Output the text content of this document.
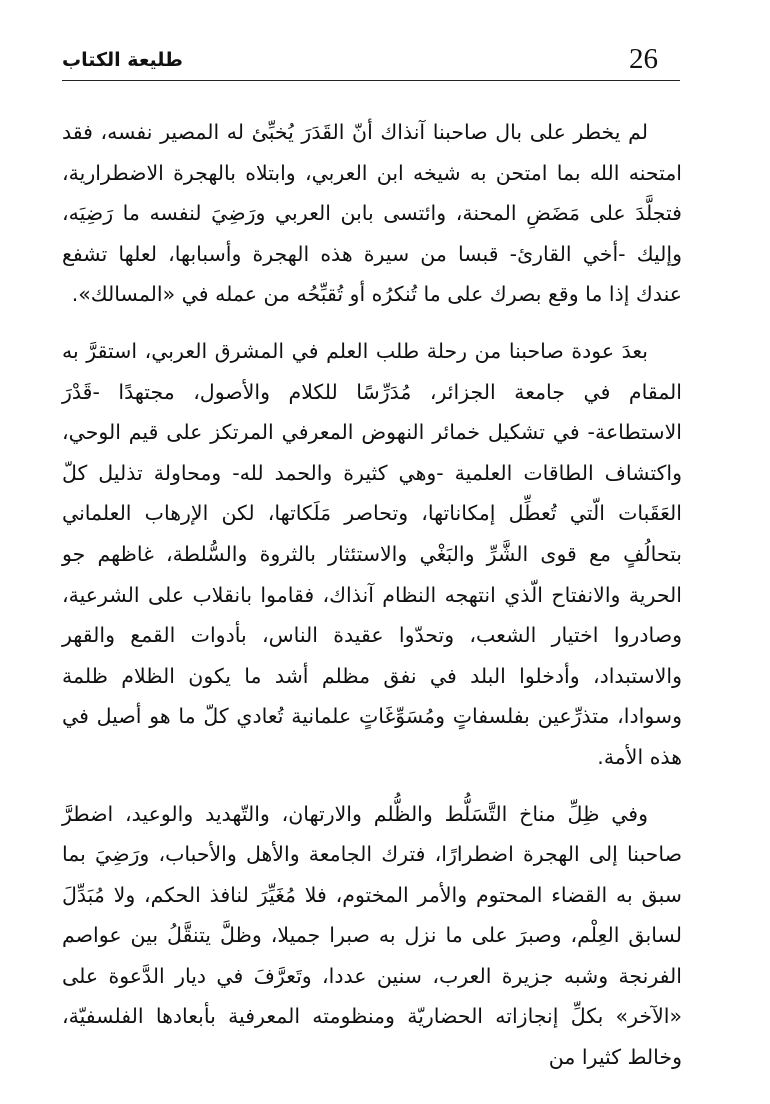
طليعة الكتاب	26

لم يخطر على بال صاحبنا آنذاك أنّ القَدَرَ يُخبِّئ له المصير نفسه، فقد امتحنه الله بما امتحن به شيخه ابن العربي، وابتلاه بالهجرة الاضطرارية، فتجلَّدَ على مَضَضِ المحنة، وائتسى بابن العربي ورَضِيَ لنفسه ما رَضِيَه، وإليك -أخي القارئ- قبسا من سيرة هذه الهجرة وأسبابها، لعلها تشفع عندك إذا ما وقع بصرك على ما تُنكرُه أو تُقبِّحُه من عمله في «المسالك».

بعدَ عودة صاحبنا من رحلة طلب العلم في المشرق العربي، استقرَّ به المقام في جامعة الجزائر، مُدَرِّسًا للكلام والأصول، مجتهدًا -قَدْرَ الاستطاعة- في تشكيل خمائر النهوض المعرفي المرتكز على قيم الوحي، واكتشاف الطاقات العلمية -وهي كثيرة والحمد لله- ومحاولة تذليل كلّ العَقَبات الّتي تُعطِّل إمكاناتها، وتحاصر مَلَكاتها، لكن الإرهاب العلماني بتحالُفٍ مع قوى الشَّرِّ والبَغْي والاستئثار بالثروة والسُّلطة، غاظهم جو الحرية والانفتاح الّذي انتهجه النظام آنذاك، فقاموا بانقلاب على الشرعية، وصادروا اختيار الشعب، وتحدّوا عقيدة الناس، بأدوات القمع والقهر والاستبداد، وأدخلوا البلد في نفق مظلم أشد ما يكون الظلام ظلمة وسوادا، متذرِّعين بفلسفاتٍ ومُسَوِّغَاتٍ علمانية تُعادي كلّ ما هو أصيل في هذه الأمة.

وفي ظِلِّ مناخ التَّسَلُّط والظُّلم والارتهان، والتّهديد والوعيد، اضطرَّ صاحبنا إلى الهجرة اضطرارًا، فترك الجامعة والأهل والأحباب، ورَضِيَ بما سبق به القضاء المحتوم والأمر المختوم، فلا مُغَيِّرَ لنافذ الحكم، ولا مُبَدِّلَ لسابق العِلْم، وصبرَ على ما نزل به صبرا جميلا، وظلَّ يتنقَّلُ بين عواصم الفرنجة وشبه جزيرة العرب، سنين عددا، وتَعرَّفَ في ديار الدَّعوة على «الآخر» بكلِّ إنجازاته الحضاريّة ومنظومته المعرفية بأبعادها الفلسفيّة، وخالط كثيرا من
